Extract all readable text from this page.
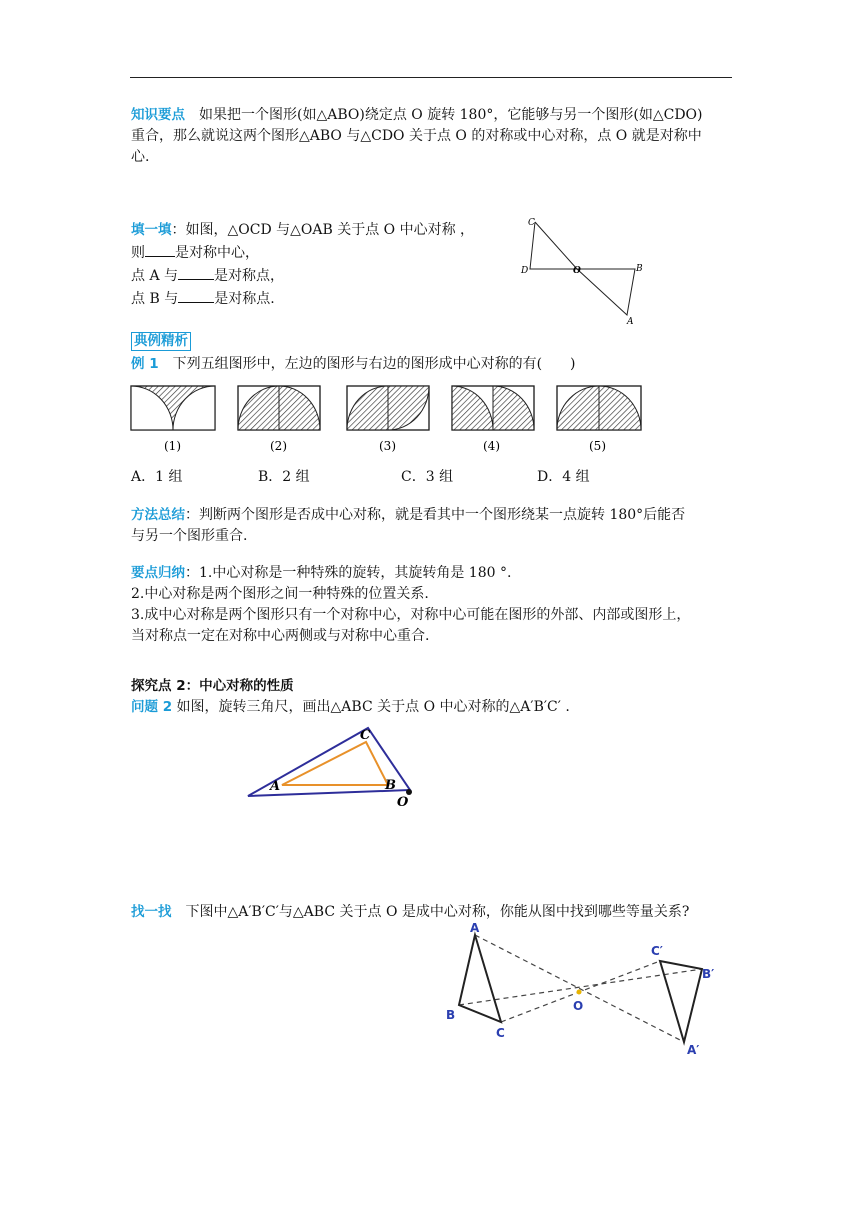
知识要点　如果把一个图形(如△ABO)绕定点 O 旋转 180°，它能够与另一个图形(如△CDO)
重合，那么就说这两个图形△ABO 与△CDO 关于点 O 的对称或中心对称，点 O 就是对称中
心.
填一填：如图，△OCD 与△OAB 关于点 O 中心对称 ，
则 是对称中心，
点 A 与	是对称点，
点 B 与	是对称点.
C
D	O	B
A
典例精析
例 1　下列五组图形中，左边的图形与右边的图形成中心对称的有(　　)
(1)	(2)	(3)	(4)	(5)
A．1 组	B．2 组	C．3 组	D．4 组
方法总结：判断两个图形是否成中心对称，就是看其中一个图形绕某一点旋转 180°后能否
与另一个图形重合.
要点归纳：1.中心对称是一种特殊的旋转，其旋转角是 180 °.
2.中心对称是两个图形之间一种特殊的位置关系.
3.成中心对称是两个图形只有一个对称中心，对称中心可能在图形的外部、内部或图形上，
当对称点一定在对称中心两侧或与对称中心重合.
探究点 2：中心对称的性质
问题 2 如图，旋转三角尺，画出△ABC 关于点 O 中心对称的△A′B′C′ .
C
A	B
O
找一找　下图中△A′B′C′与△ABC 关于点 O 是成中心对称，你能从图中找到哪些等量关系?
A
B
C
O
C′
B′
A′
